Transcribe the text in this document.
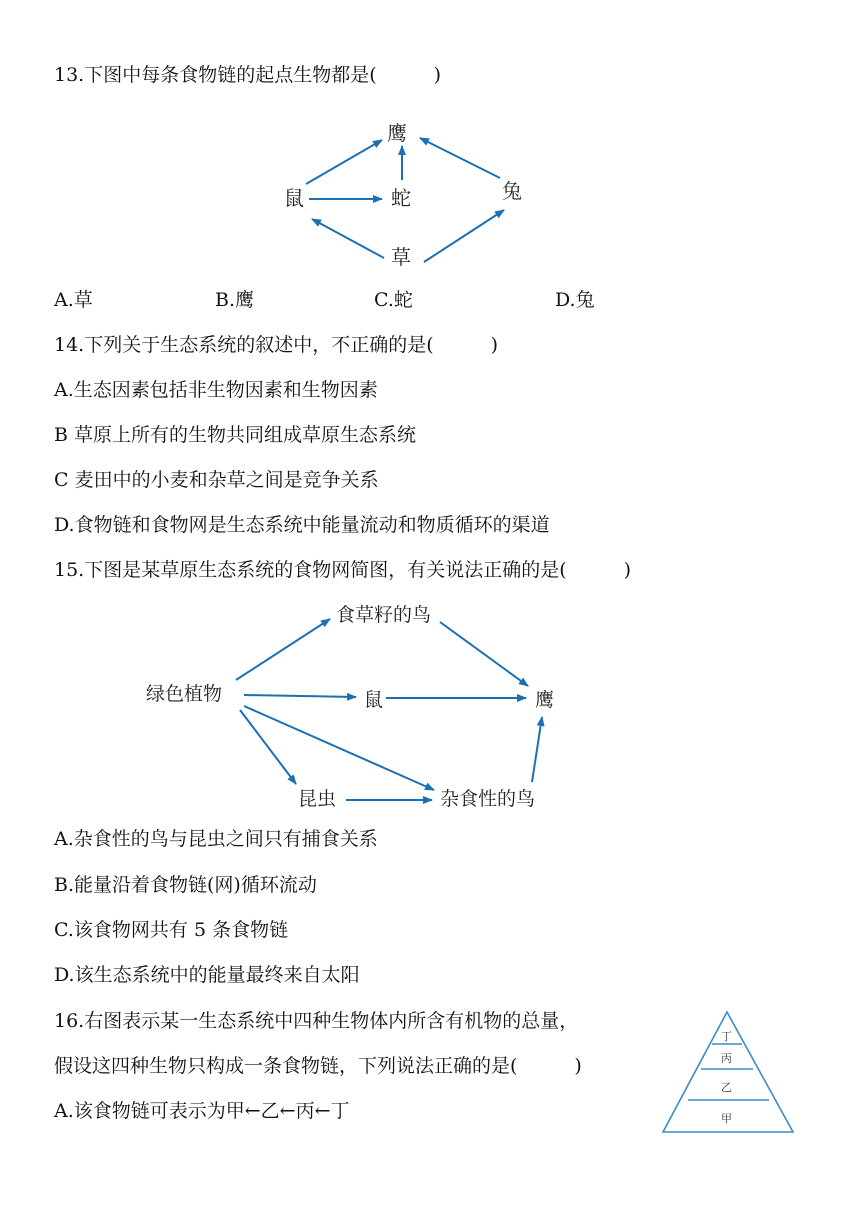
13.下图中每条食物链的起点生物都是(　　　)

鹰
鼠	蛇	兔
草
食草籽的鸟
绿色植物	鼠	鹰
昆虫	杂食性的鸟
丁
丙
乙
甲
A.草	B.鹰	C.蛇	D.兔

14.下列关于生态系统的叙述中，不正确的是(　　　)

A.生态因素包括非生物因素和生物因素

B 草原上所有的生物共同组成草原生态系统

C 麦田中的小麦和杂草之间是竞争关系

D.食物链和食物网是生态系统中能量流动和物质循环的渠道

15.下图是某草原生态系统的食物网简图，有关说法正确的是(　　　)

A.杂食性的鸟与昆虫之间只有捕食关系

B.能量沿着食物链(网)循环流动

C.该食物网共有 5 条食物链

D.该生态系统中的能量最终来自太阳

16.右图表示某一生态系统中四种生物体内所含有机物的总量，

假设这四种生物只构成一条食物链，下列说法正确的是(　　　)

A.该食物链可表示为甲←乙←丙←丁
